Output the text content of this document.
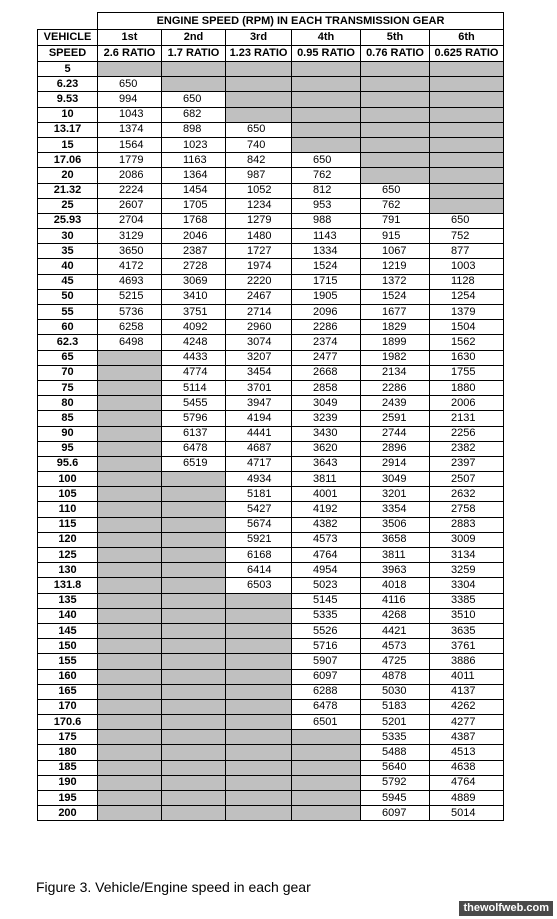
	ENGINE SPEED (RPM) IN EACH TRANSMISSION GEAR					
VEHICLE	1st	2nd	3rd	4th	5th	6th
SPEED	2.6 RATIO	1.7 RATIO	1.23 RATIO	0.95 RATIO	0.76 RATIO	0.625 RATIO
5						
6.23	650					
9.53	994	650				
10	1043	682				
13.17	1374	898	650			
15	1564	1023	740			
17.06	1779	1163	842	650		
20	2086	1364	987	762		
21.32	2224	1454	1052	812	650	
25	2607	1705	1234	953	762	
25.93	2704	1768	1279	988	791	650
30	3129	2046	1480	1143	915	752
35	3650	2387	1727	1334	1067	877
40	4172	2728	1974	1524	1219	1003
45	4693	3069	2220	1715	1372	1128
50	5215	3410	2467	1905	1524	1254
55	5736	3751	2714	2096	1677	1379
60	6258	4092	2960	2286	1829	1504
62.3	6498	4248	3074	2374	1899	1562
65		4433	3207	2477	1982	1630
70		4774	3454	2668	2134	1755
75		5114	3701	2858	2286	1880
80		5455	3947	3049	2439	2006
85		5796	4194	3239	2591	2131
90		6137	4441	3430	2744	2256
95		6478	4687	3620	2896	2382
95.6		6519	4717	3643	2914	2397
100			4934	3811	3049	2507
105			5181	4001	3201	2632
110			5427	4192	3354	2758
115			5674	4382	3506	2883
120			5921	4573	3658	3009
125			6168	4764	3811	3134
130			6414	4954	3963	3259
131.8			6503	5023	4018	3304
135				5145	4116	3385
140				5335	4268	3510
145				5526	4421	3635
150				5716	4573	3761
155				5907	4725	3886
160				6097	4878	4011
165				6288	5030	4137
170				6478	5183	4262
170.6				6501	5201	4277
175					5335	4387
180					5488	4513
185					5640	4638
190					5792	4764
195					5945	4889
200					6097	5014
Figure 3. Vehicle/Engine speed in each gear
thewolfweb.com
